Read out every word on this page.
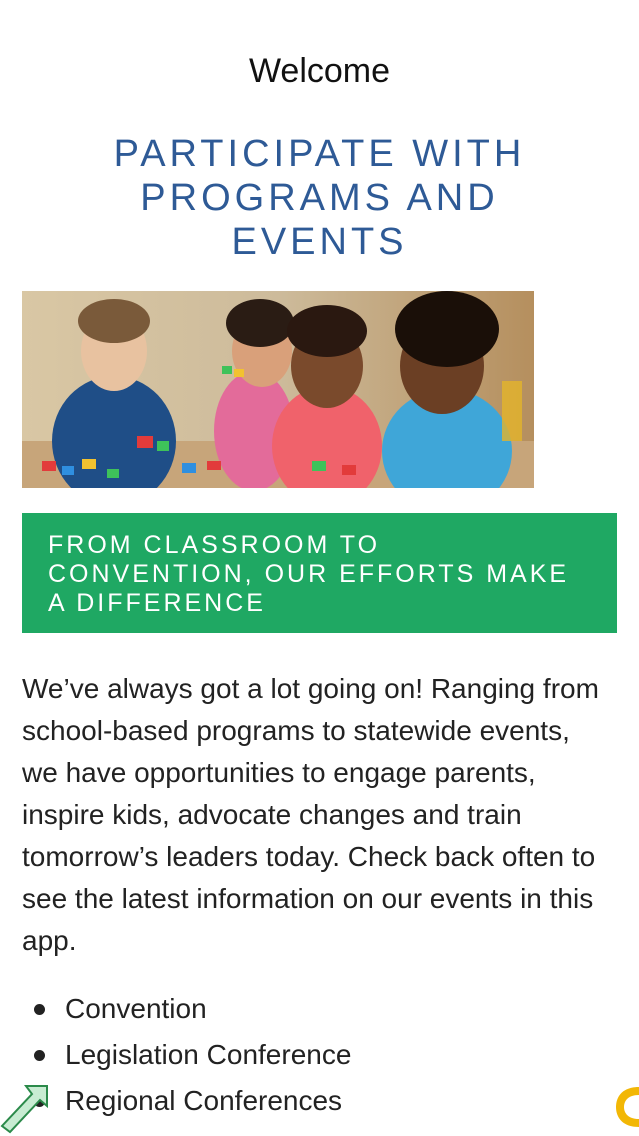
Welcome
PARTICIPATE WITH PROGRAMS AND EVENTS
FROM CLASSROOM TO CONVENTION, OUR EFFORTS MAKE A DIFFERENCE
We’ve always got a lot going on! Ranging from school-based programs to statewide events, we have opportunities to engage parents, inspire kids, advocate changes and train tomorrow’s leaders today. Check back often to see the latest information on our events in this app.
Convention
Legislation Conference
Regional Conferences
